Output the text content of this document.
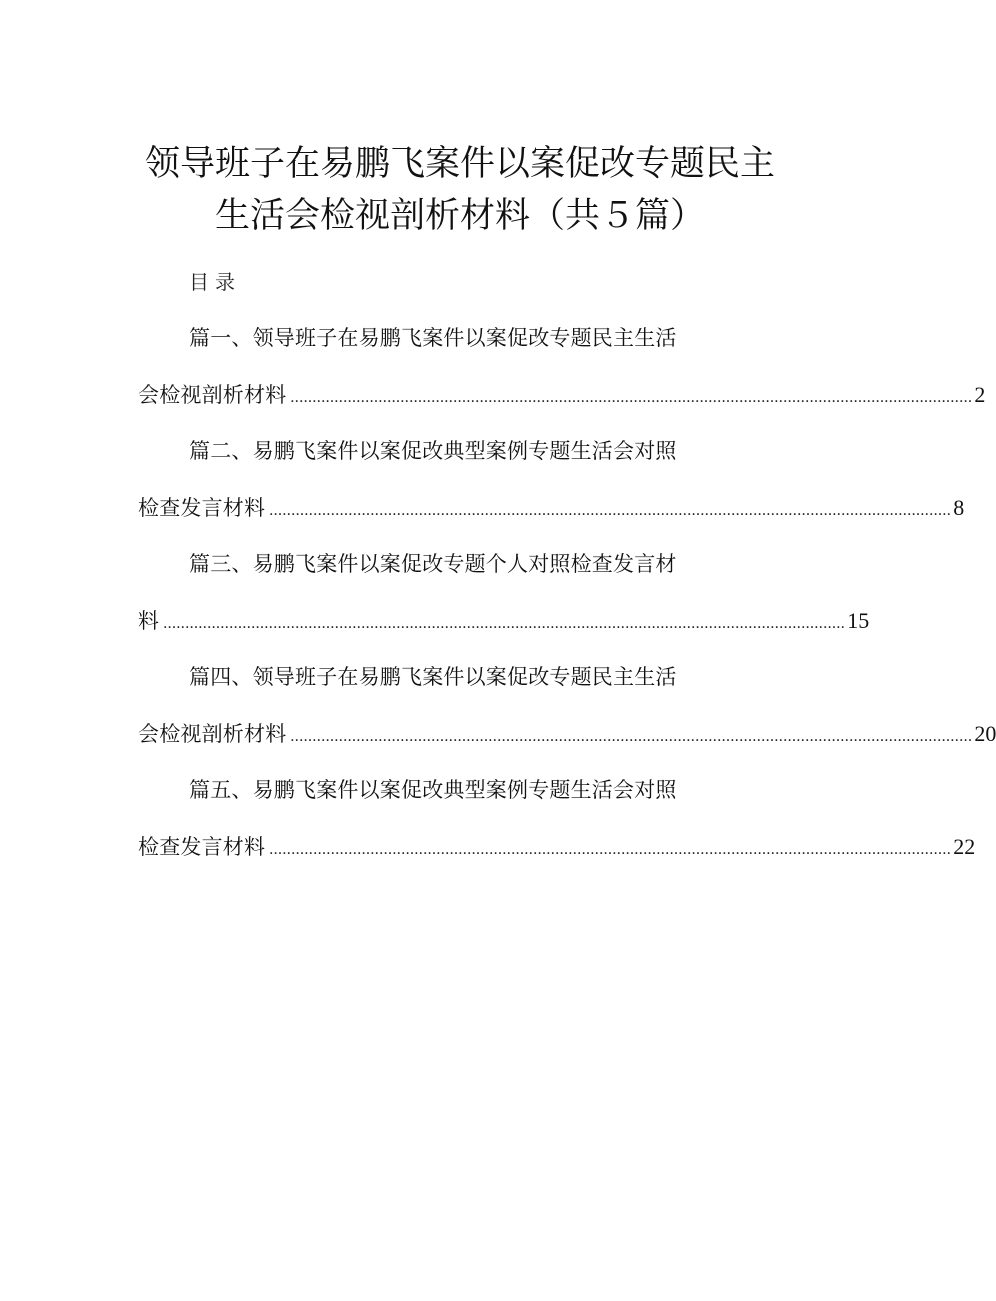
领导班子在易鹏飞案件以案促改专题民主
生活会检视剖析材料（共５篇）
目录
篇一、领导班子在易鹏飞案件以案促改专题民主生活
会检视剖析材料 ........................................................................................................................................................... 2
篇二、易鹏飞案件以案促改典型案例专题生活会对照
检查发言材料 ........................................................................................................................................................... 8
篇三、易鹏飞案件以案促改专题个人对照检查发言材
料 ........................................................................................................................................................... 15
篇四、领导班子在易鹏飞案件以案促改专题民主生活
会检视剖析材料 ........................................................................................................................................................... 20
篇五、易鹏飞案件以案促改典型案例专题生活会对照
检查发言材料 ........................................................................................................................................................... 22
